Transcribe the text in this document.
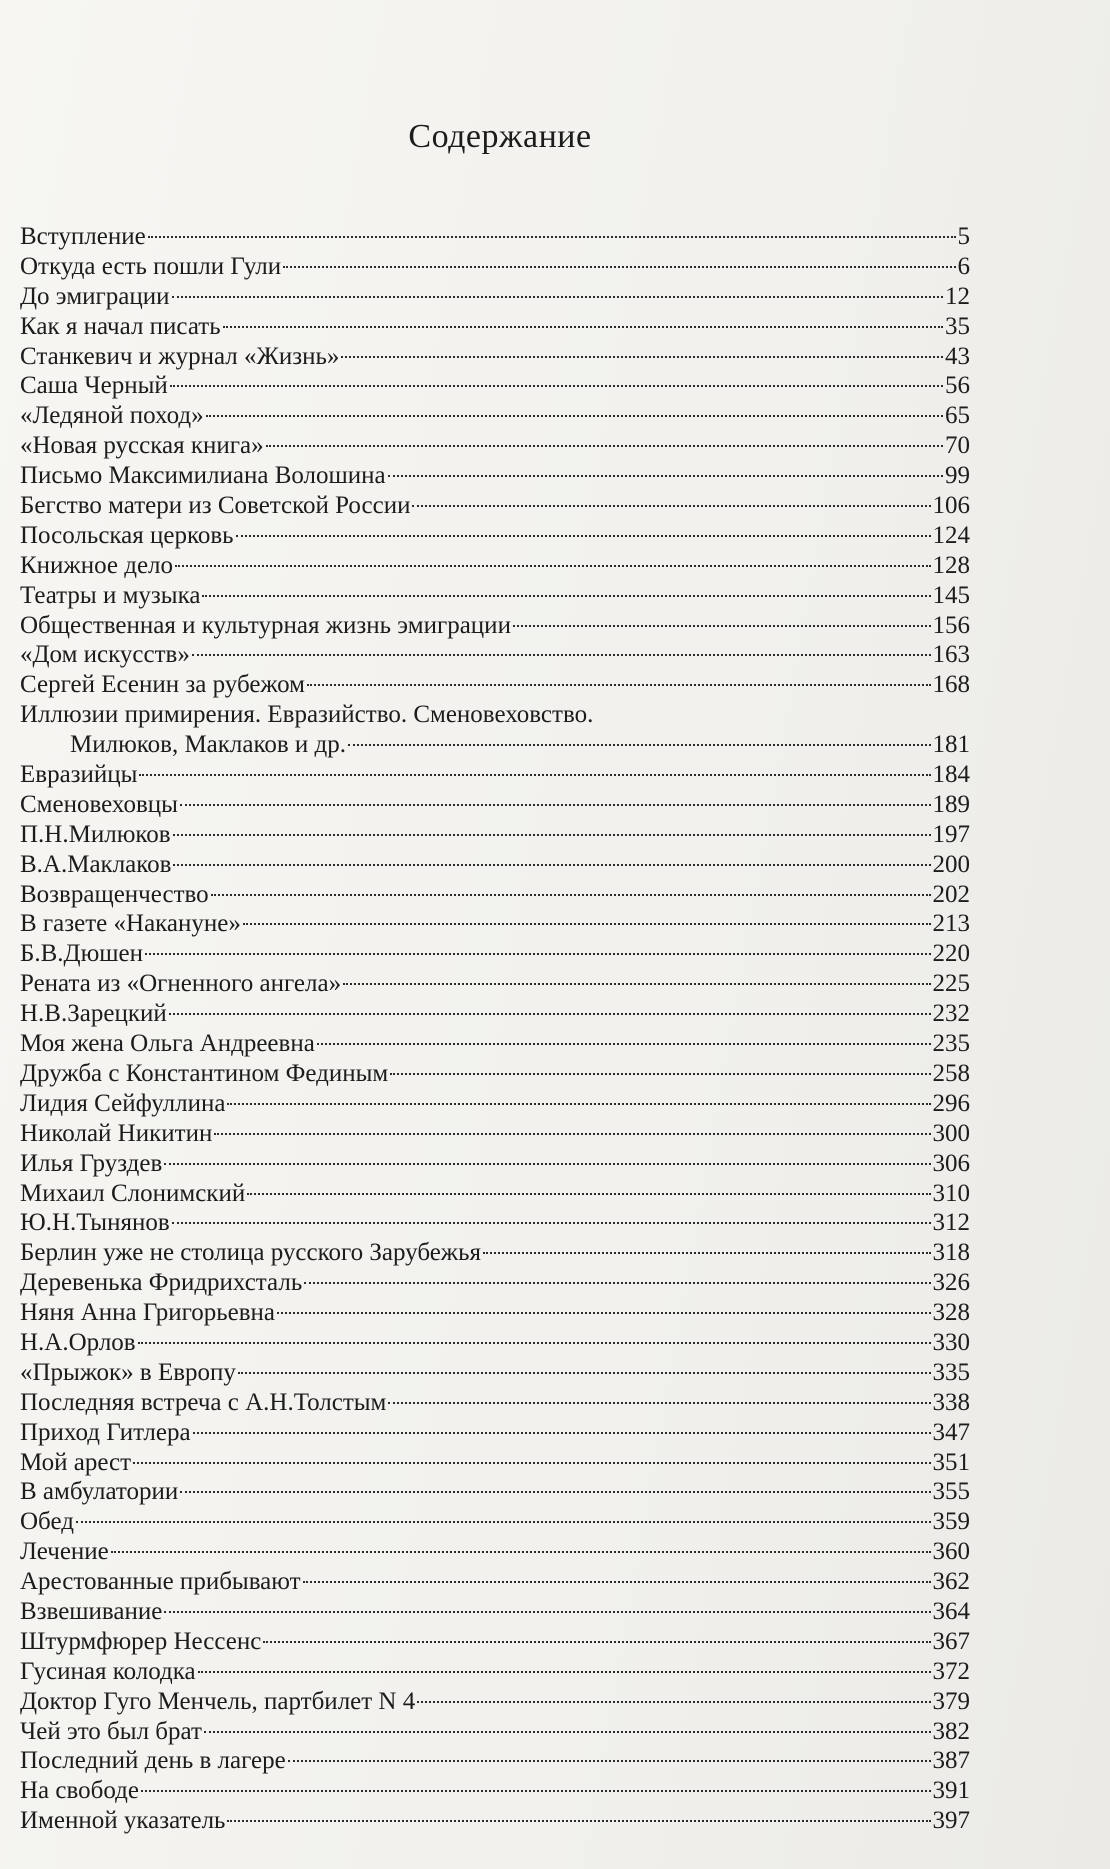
Содержание
Вступление	5
Откуда есть пошли Гули	6
До эмиграции	12
Как я начал писать	35
Станкевич и журнал «Жизнь»	43
Саша Черный	56
«Ледяной поход»	65
«Новая русская книга»	70
Письмо Максимилиана Волошина	99
Бегство матери из Советской России	106
Посольская церковь	124
Книжное дело	128
Театры и музыка	145
Общественная и культурная жизнь эмиграции	156
«Дом искусств»	163
Сергей Есенин за рубежом	168
Иллюзии примирения. Евразийство. Сменовеховство.
Милюков, Маклаков и др.	181
Евразийцы	184
Сменовеховцы	189
П.Н.Милюков	197
В.А.Маклаков	200
Возвращенчество	202
В газете «Накануне»	213
Б.В.Дюшен	220
Рената из «Огненного ангела»	225
Н.В.Зарецкий	232
Моя жена Ольга Андреевна	235
Дружба с Константином Фединым	258
Лидия Сейфуллина	296
Николай Никитин	300
Илья Груздев	306
Михаил Слонимский	310
Ю.Н.Тынянов	312
Берлин уже не столица русского Зарубежья	318
Деревенька Фридрихсталь	326
Няня Анна Григорьевна	328
Н.А.Орлов	330
«Прыжок» в Европу	335
Последняя встреча с А.Н.Толстым	338
Приход Гитлера	347
Мой арест	351
В амбулатории	355
Обед	359
Лечение	360
Арестованные прибывают	362
Взвешивание	364
Штурмфюрер Нессенс	367
Гусиная колодка	372
Доктор Гуго Менчель, партбилет N 4	379
Чей это был брат	382
Последний день в лагере	387
На свободе	391
Именной указатель	397
